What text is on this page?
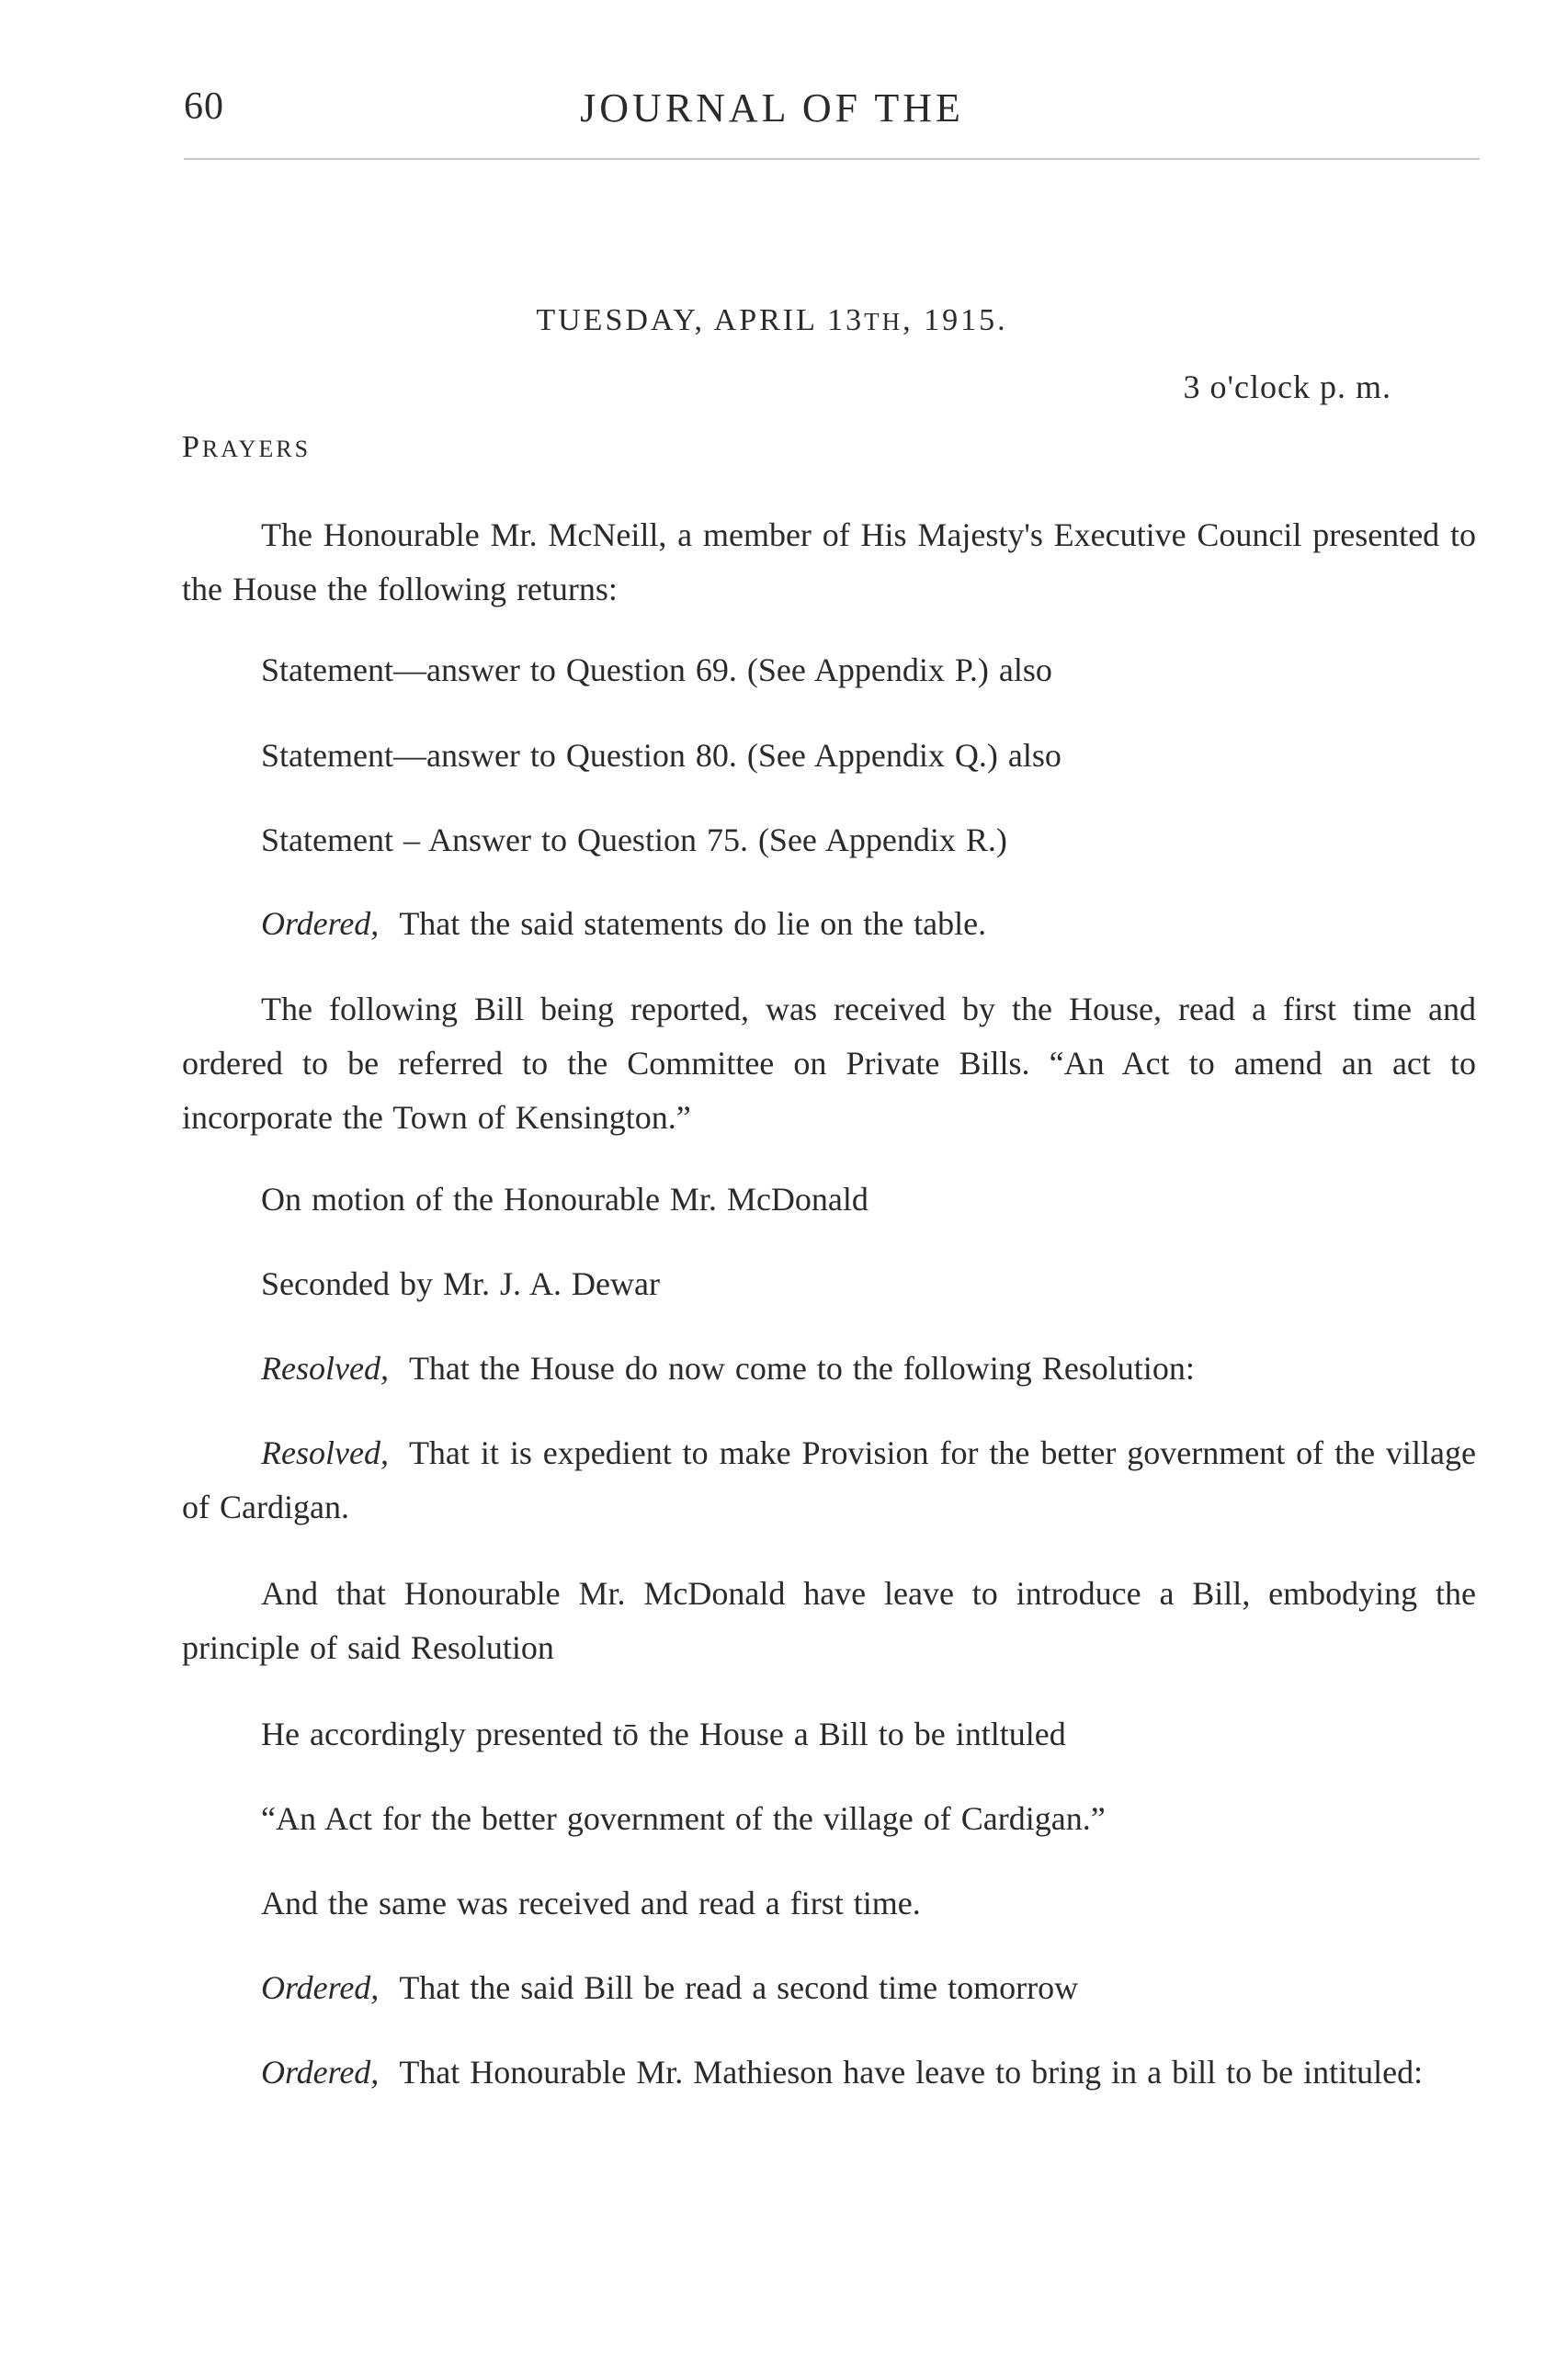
60	JOURNAL OF THE
TUESDAY, APRIL 13TH, 1915.
3 o'clock p. m.
PRAYERS

The Honourable Mr. McNeill, a member of His Majesty's Executive Council presented to the House the following returns:

Statement—answer to Question 69. (See Appendix P.) also

Statement—answer to Question 80. (See Appendix Q.) also

Statement – Answer to Question 75. (See Appendix R.)

Ordered, That the said statements do lie on the table.

The following Bill being reported, was received by the House, read a first time and ordered to be referred to the Committee on Private Bills. “An Act to amend an act to incorporate the Town of Kensington.”

On motion of the Honourable Mr. McDonald

Seconded by Mr. J. A. Dewar

Resolved, That the House do now come to the following Resolution:

Resolved, That it is expedient to make Provision for the better government of the village of Cardigan.

And that Honourable Mr. McDonald have leave to introduce a Bill, embodying the principle of said Resolution

He accordingly presented tō the House a Bill to be intltuled

“An Act for the better government of the village of Cardigan.”

And the same was received and read a first time.

Ordered, That the said Bill be read a second time tomorrow

Ordered, That Honourable Mr. Mathieson have leave to bring in a bill to be intituled:
